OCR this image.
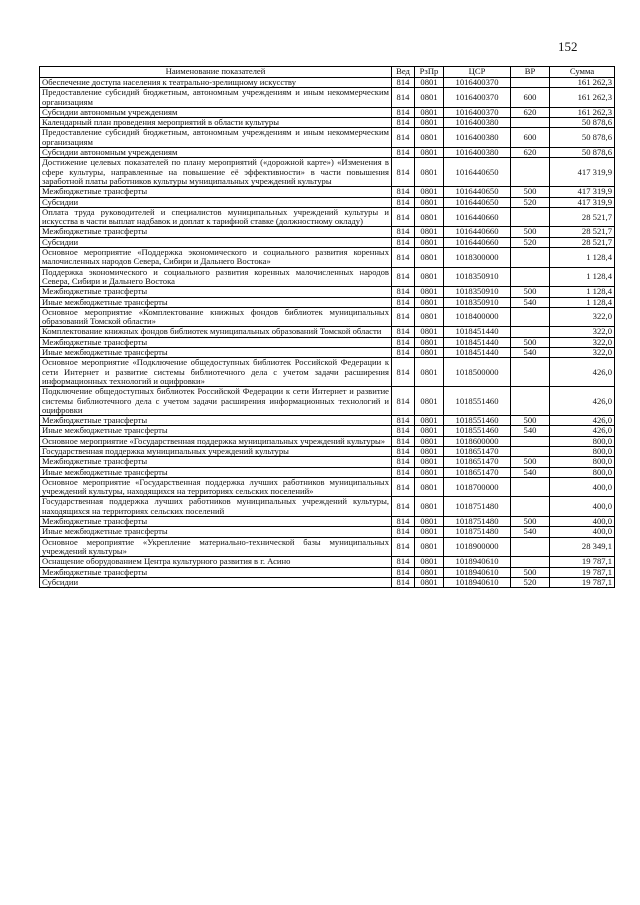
152
Наименование показателей	Вед	РзПр	ЦСР	ВР	Сумма
Обеспечение доступа населения к театрально-зрелищному искусству	814	0801	1016400370		161 262,3
Предоставление субсидий бюджетным, автономным учреждениям и иным некоммерческим организациям	814	0801	1016400370	600	161 262,3
Субсидии автономным учреждениям	814	0801	1016400370	620	161 262,3
Календарный план проведения мероприятий в области культуры	814	0801	1016400380		50 878,6
Предоставление субсидий бюджетным, автономным учреждениям и иным некоммерческим организациям	814	0801	1016400380	600	50 878,6
Субсидии автономным учреждениям	814	0801	1016400380	620	50 878,6
Достижение целевых показателей по плану мероприятий («дорожной карте») «Изменения в сфере культуры, направленные на повышение её эффективности» в части повышения заработной платы работников культуры муниципальных учреждений культуры	814	0801	1016440650		417 319,9
Межбюджетные трансферты	814	0801	1016440650	500	417 319,9
Субсидии	814	0801	1016440650	520	417 319,9
Оплата труда руководителей и специалистов муниципальных учреждений культуры и искусства в части выплат надбавок и доплат к тарифной ставке (должностному окладу)	814	0801	1016440660		28 521,7
Межбюджетные трансферты	814	0801	1016440660	500	28 521,7
Субсидии	814	0801	1016440660	520	28 521,7
Основное мероприятие «Поддержка экономического и социального развития коренных малочисленных народов Севера, Сибири и Дальнего Востока»	814	0801	1018300000		1 128,4
Поддержка экономического и социального развития коренных малочисленных народов Севера, Сибири и Дальнего Востока	814	0801	1018350910		1 128,4
Межбюджетные трансферты	814	0801	1018350910	500	1 128,4
Иные межбюджетные трансферты	814	0801	1018350910	540	1 128,4
Основное мероприятие «Комплектование книжных фондов библиотек муниципальных образований Томской области»	814	0801	1018400000		322,0
Комплектование книжных фондов библиотек муниципальных образований Томской области	814	0801	1018451440		322,0
Межбюджетные трансферты	814	0801	1018451440	500	322,0
Иные межбюджетные трансферты	814	0801	1018451440	540	322,0
Основное мероприятие «Подключение общедоступных библиотек Российской Федерации к сети Интернет и развитие системы библиотечного дела с учетом задачи расширения информационных технологий и оцифровки»	814	0801	1018500000		426,0
Подключение общедоступных библиотек Российской Федерации к сети Интернет и развитие системы библиотечного дела с учетом задачи расширения информационных технологий и оцифровки	814	0801	1018551460		426,0
Межбюджетные трансферты	814	0801	1018551460	500	426,0
Иные межбюджетные трансферты	814	0801	1018551460	540	426,0
Основное мероприятие «Государственная поддержка муниципальных учреждений культуры»	814	0801	1018600000		800,0
Государственная поддержка муниципальных учреждений культуры	814	0801	1018651470		800,0
Межбюджетные трансферты	814	0801	1018651470	500	800,0
Иные межбюджетные трансферты	814	0801	1018651470	540	800,0
Основное мероприятие «Государственная поддержка лучших работников муниципальных учреждений культуры, находящихся на территориях сельских поселений»	814	0801	1018700000		400,0
Государственная поддержка лучших работников муниципальных учреждений культуры, находящихся на территориях сельских поселений	814	0801	1018751480		400,0
Межбюджетные трансферты	814	0801	1018751480	500	400,0
Иные межбюджетные трансферты	814	0801	1018751480	540	400,0
Основное мероприятие «Укрепление материально-технической базы муниципальных учреждений культуры»	814	0801	1018900000		28 349,1
Оснащение оборудованием Центра культурного развития в г. Асино	814	0801	1018940610		19 787,1
Межбюджетные трансферты	814	0801	1018940610	500	19 787,1
Субсидии	814	0801	1018940610	520	19 787,1
